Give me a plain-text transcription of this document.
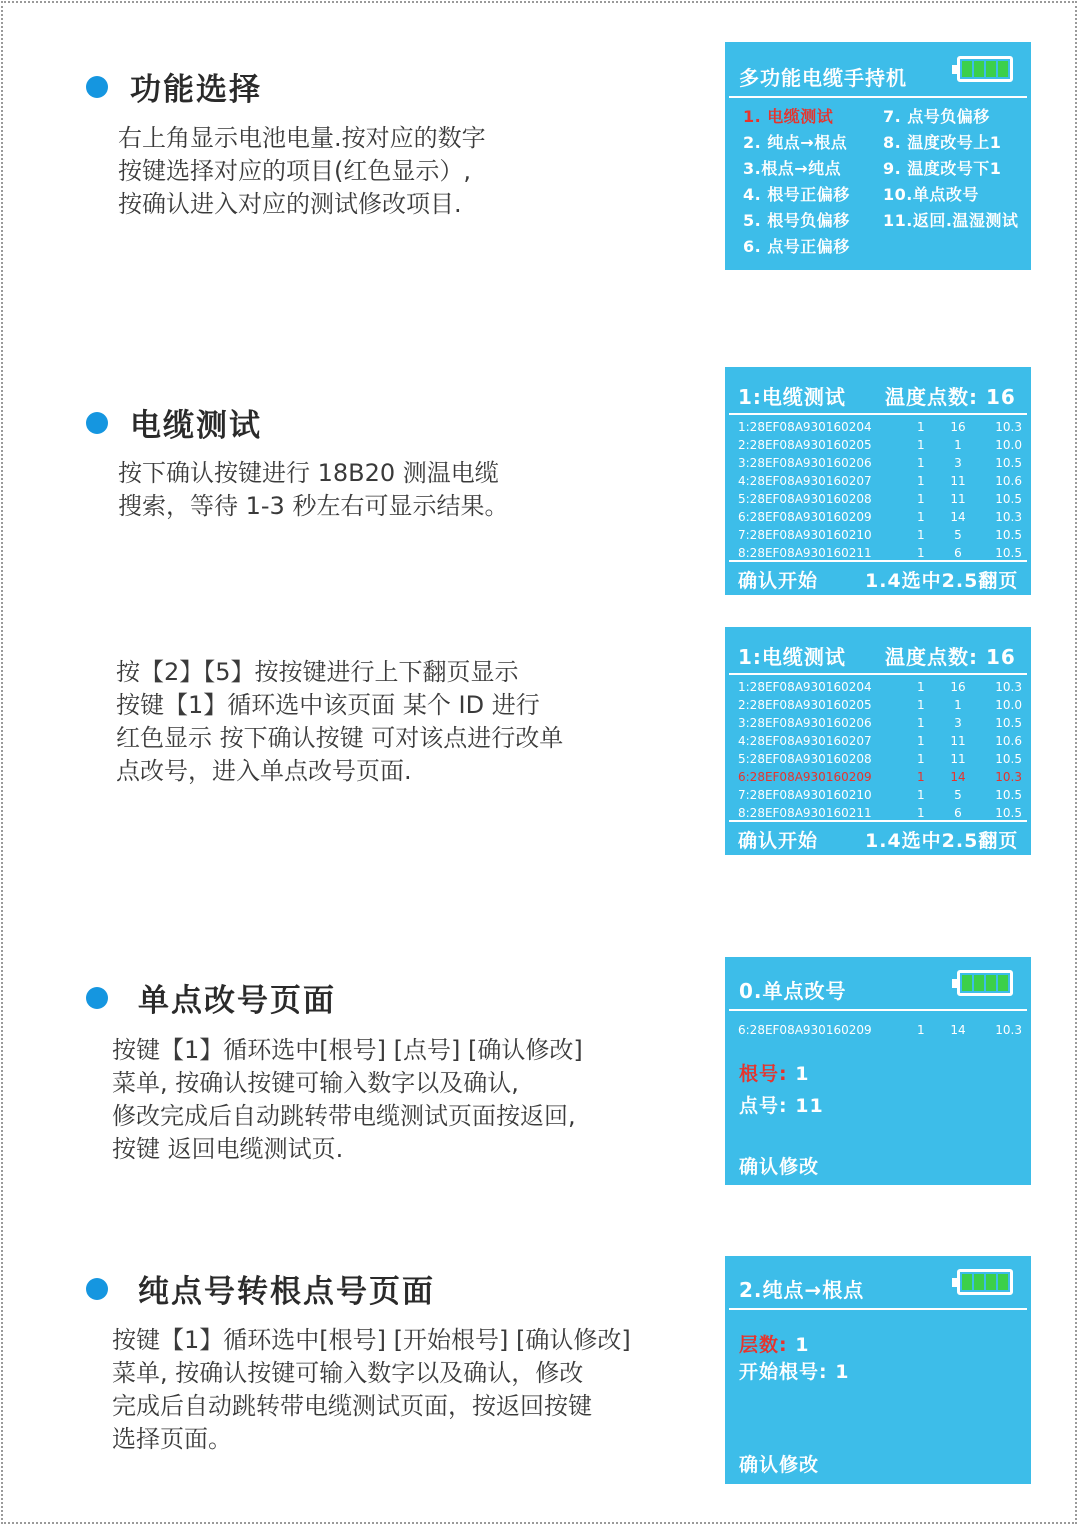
功能选择
右上角显示电池电量.按对应的数字
按键选择对应的项目(红色显示）,
按确认进入对应的测试修改项目.
多功能电缆手持机
1. 电缆测试
2. 纯点→根点
3.根点→纯点
4. 根号正偏移
5. 根号负偏移
6. 点号正偏移
7. 点号负偏移
8. 温度改号上1
9. 温度改号下1
10.单点改号
11.返回.温湿测试
电缆测试
按下确认按键进行 18B20 测温电缆
搜索，等待 1-3 秒左右可显示结果。
1:电缆测试 温度点数: 16
1:28EF08A930160204	1	16	10.3
2:28EF08A930160205	1	1	10.0
3:28EF08A930160206	1	3	10.5
4:28EF08A930160207	1	11	10.6
5:28EF08A930160208	1	11	10.5
6:28EF08A930160209	1	14	10.3
7:28EF08A930160210	1	5	10.5
8:28EF08A930160211	1	6	10.5
确认开始 1.4选中2.5翻页
按【2】【5】按按键进行上下翻页显示
按键【1】循环选中该页面 某个 ID 进行
红色显示 按下确认按键 可对该点进行改单
点改号，进入单点改号页面.
1:电缆测试 温度点数: 16
1:28EF08A930160204	1	16	10.3
2:28EF08A930160205	1	1	10.0
3:28EF08A930160206	1	3	10.5
4:28EF08A930160207	1	11	10.6
5:28EF08A930160208	1	11	10.5
6:28EF08A930160209	1	14	10.3
7:28EF08A930160210	1	5	10.5
8:28EF08A930160211	1	6	10.5
确认开始 1.4选中2.5翻页
单点改号页面
按键【1】循环选中[根号] [点号] [确认修改]
菜单, 按确认按键可输入数字以及确认,
修改完成后自动跳转带电缆测试页面按返回,
按键 返回电缆测试页.
0.单点改号
6:28EF08A930160209	1	14	10.3
根号: 1
点号: 11
确认修改
纯点号转根点号页面
按键【1】循环选中[根号] [开始根号] [确认修改]
菜单, 按确认按键可输入数字以及确认，修改
完成后自动跳转带电缆测试页面，按返回按键
选择页面。
2.纯点→根点
层数: 1
开始根号: 1
确认修改
